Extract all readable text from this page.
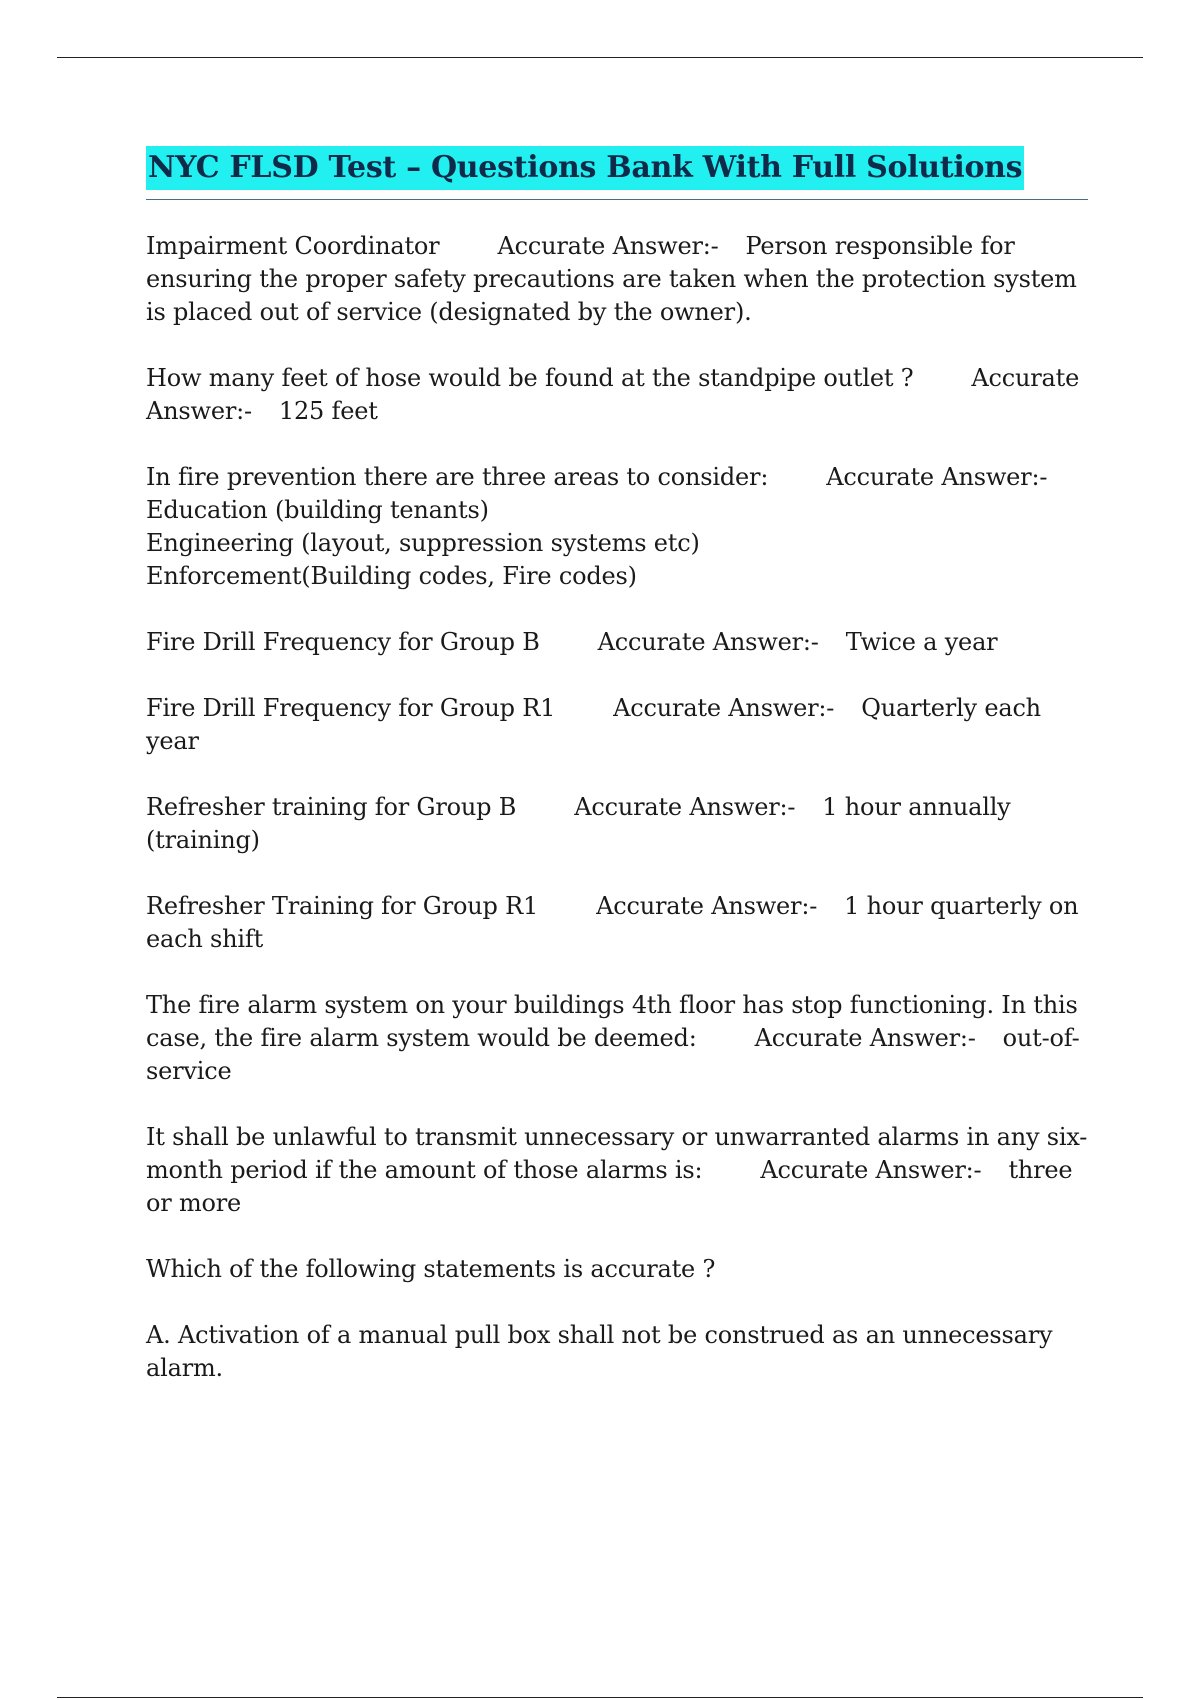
NYC FLSD Test – Questions Bank With Full Solutions

Impairment Coordinator Accurate Answer:- Person responsible for ensuring the proper safety precautions are taken when the protection system is placed out of service (designated by the owner).

How many feet of hose would be found at the standpipe outlet ? Accurate Answer:- 125 feet

In fire prevention there are three areas to consider: Accurate Answer:-
Education (building tenants)
Engineering (layout, suppression systems etc)
Enforcement(Building codes, Fire codes)

Fire Drill Frequency for Group B Accurate Answer:- Twice a year

Fire Drill Frequency for Group R1 Accurate Answer:- Quarterly each year

Refresher training for Group B Accurate Answer:- 1 hour annually (training)

Refresher Training for Group R1 Accurate Answer:- 1 hour quarterly on each shift

The fire alarm system on your buildings 4th floor has stop functioning. In this case, the fire alarm system would be deemed: Accurate Answer:- out-of-service

It shall be unlawful to transmit unnecessary or unwarranted alarms in any six-month period if the amount of those alarms is: Accurate Answer:- three or more

Which of the following statements is accurate ?

A. Activation of a manual pull box shall not be construed as an unnecessary alarm.
